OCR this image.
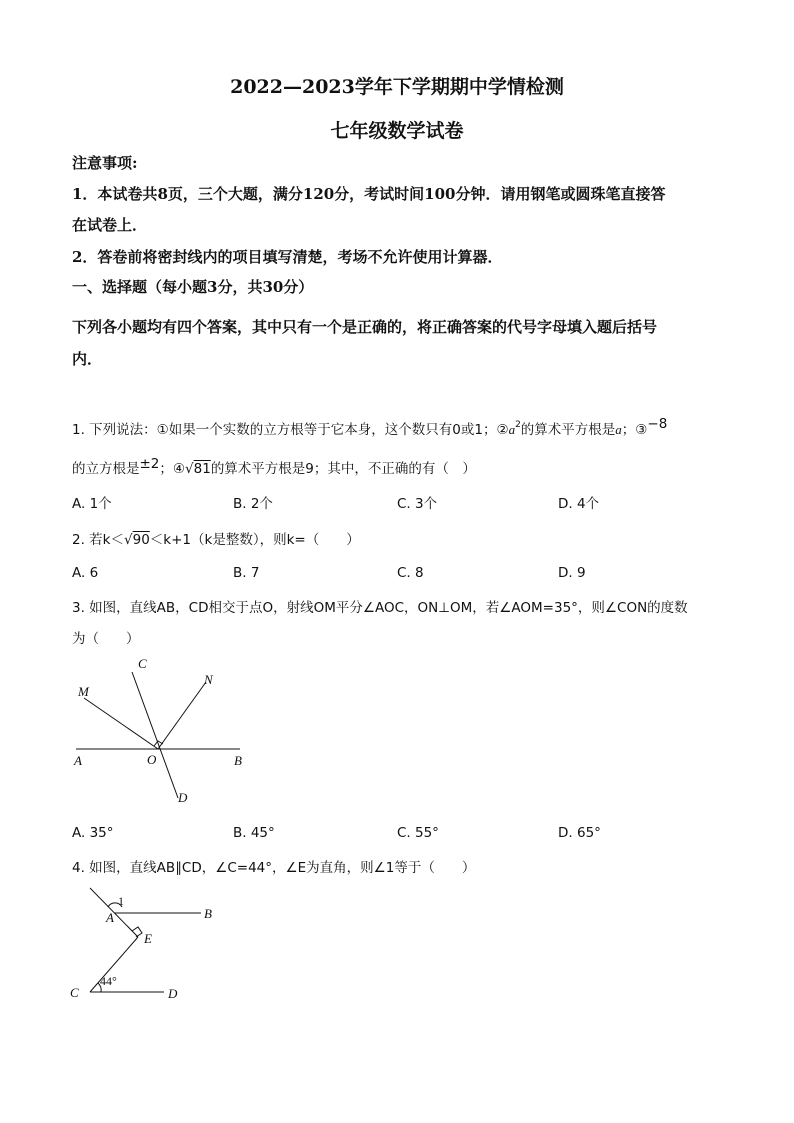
2022—2023学年下学期期中学情检测
七年级数学试卷
注意事项:
1．本试卷共8页，三个大题，满分120分，考试时间100分钟．请用钢笔或圆珠笔直接答
在试卷上．
2．答卷前将密封线内的项目填写清楚，考场不允许使用计算器．
一、选择题（每小题3分，共30分）
下列各小题均有四个答案，其中只有一个是正确的，将正确答案的代号字母填入题后括号
内．
1. 下列说法：①如果一个实数的立方根等于它本身，这个数只有0或1；$②a^2$的算术平方根是a；③−8
的立方根是±2；④√81的算术平方根是9；其中，不正确的有（　）
A. 1个	B. 2个	C. 3个	D. 4个
2. 若k＜√90＜k+1（k是整数），则k=（　　）
A. 6	B. 7	C. 8	D. 9
3. 如图，直线AB，CD相交于点O，射线OM平分∠AOC，ON⊥OM，若∠AOM=35°，则∠CON的度数
为（　　）
C
N
M
A	O	B
D
A. 35°	B. 45°	C. 55°	D. 65°
4. 如图，直线AB∥CD，∠C=44°，∠E为直角，则∠1等于（　　）
1
A	B
E
C
44°
D
